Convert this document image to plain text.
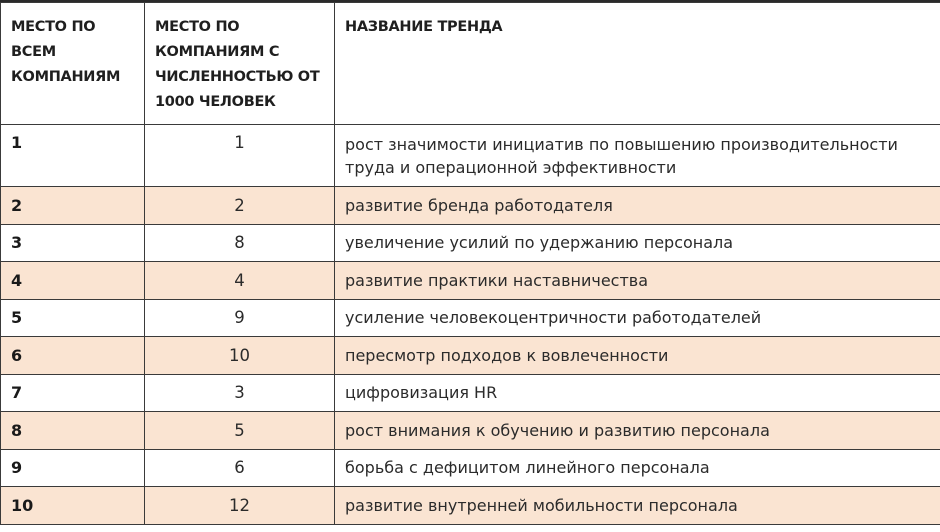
МЕСТО ПО ВСЕМ КОМПАНИЯМ	МЕСТО ПО КОМПАНИЯМ С ЧИСЛЕННОСТЬЮ ОТ 1000 ЧЕЛОВЕК	НАЗВАНИЕ ТРЕНДА
1	1	рост значимости инициатив по повышению производительности труда и операционной эффективности
2	2	развитие бренда работодателя
3	8	увеличение усилий по удержанию персонала
4	4	развитие практики наставничества
5	9	усиление человекоцентричности работодателей
6	10	пересмотр подходов к вовлеченности
7	3	цифровизация HR
8	5	рост внимания к обучению и развитию персонала
9	6	борьба с дефицитом линейного персонала
10	12	развитие внутренней мобильности персонала
